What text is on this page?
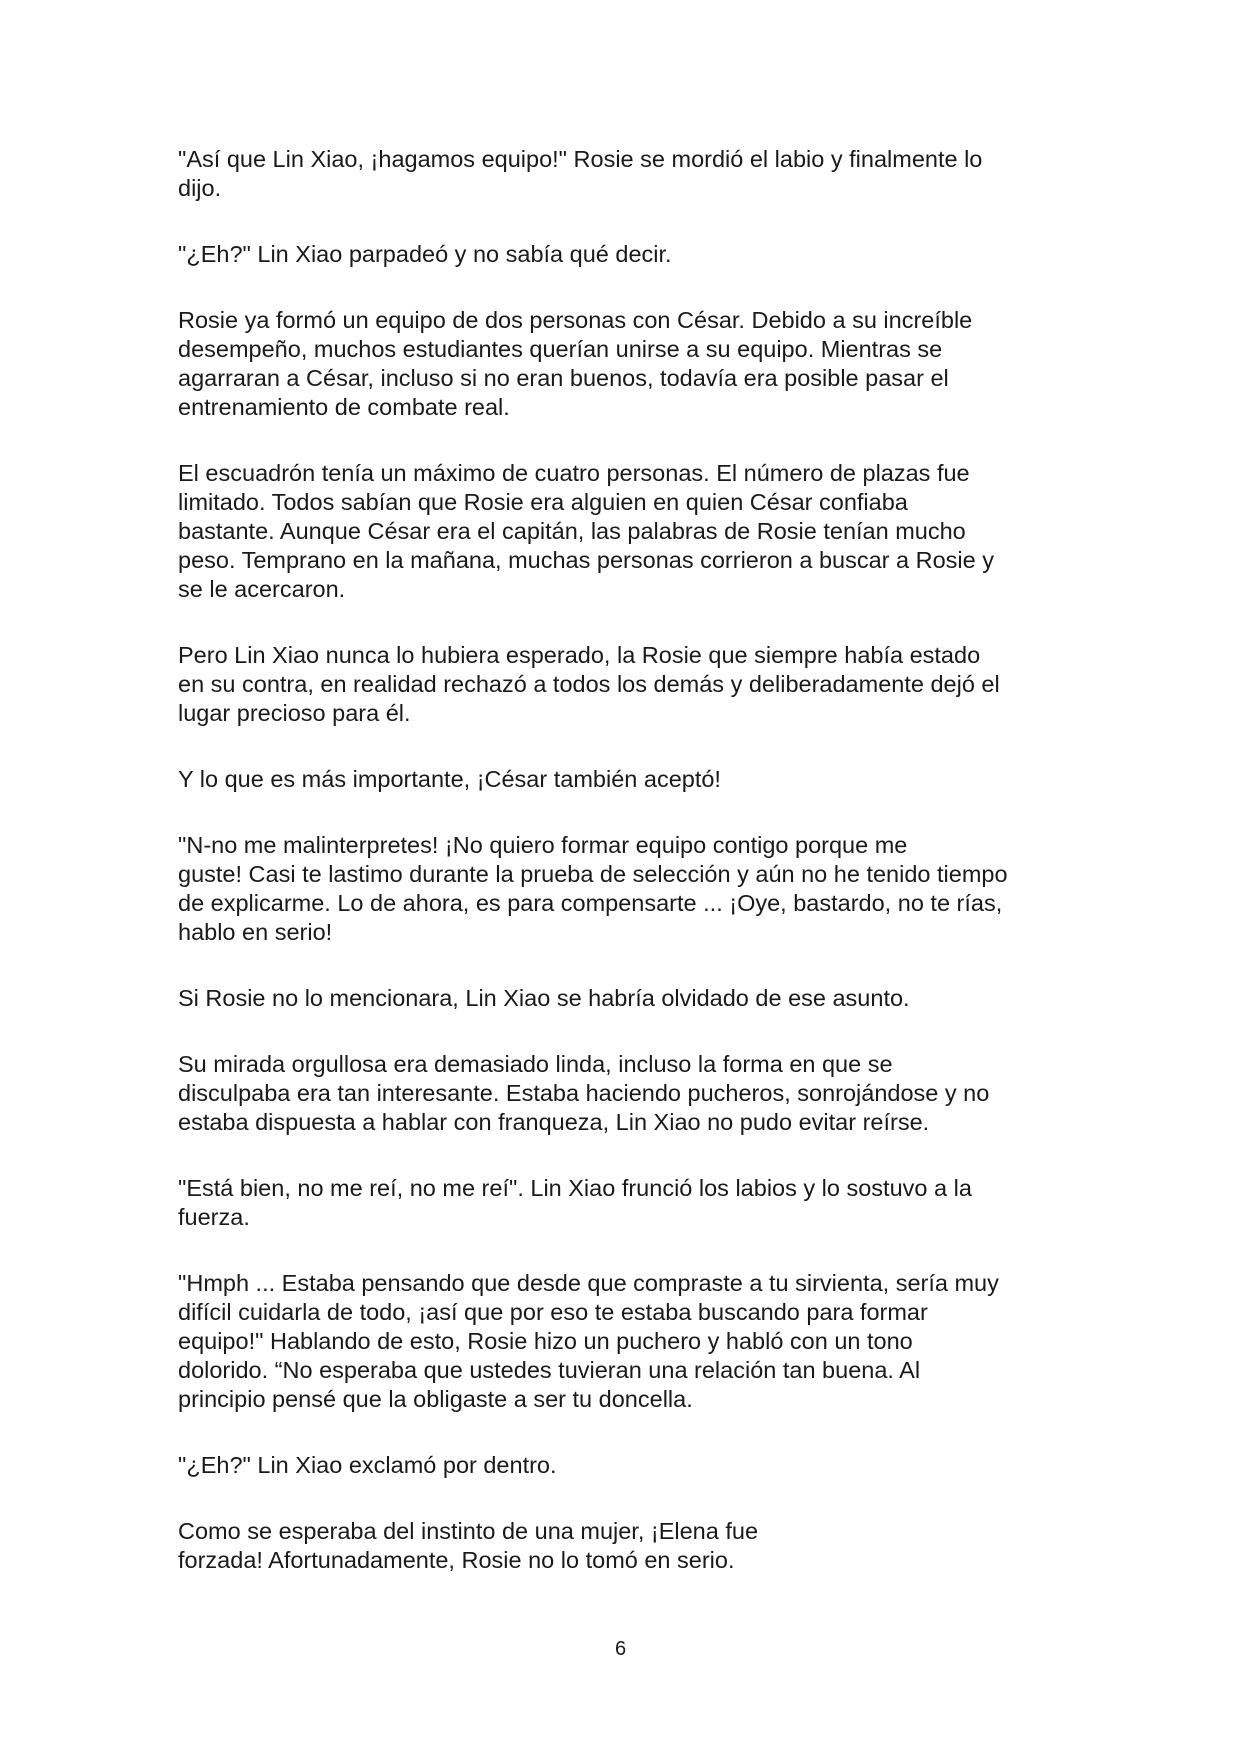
"Así que Lin Xiao, ¡hagamos equipo!" Rosie se mordió el labio y finalmente lo
dijo.

"¿Eh?" Lin Xiao parpadeó y no sabía qué decir.

Rosie ya formó un equipo de dos personas con César. Debido a su increíble
desempeño, muchos estudiantes querían unirse a su equipo. Mientras se
agarraran a César, incluso si no eran buenos, todavía era posible pasar el
entrenamiento de combate real.

El escuadrón tenía un máximo de cuatro personas. El número de plazas fue
limitado. Todos sabían que Rosie era alguien en quien César confiaba
bastante. Aunque César era el capitán, las palabras de Rosie tenían mucho
peso. Temprano en la mañana, muchas personas corrieron a buscar a Rosie y
se le acercaron.

Pero Lin Xiao nunca lo hubiera esperado, la Rosie que siempre había estado
en su contra, en realidad rechazó a todos los demás y deliberadamente dejó el
lugar precioso para él.

Y lo que es más importante, ¡César también aceptó!

"N-no me malinterpretes! ¡No quiero formar equipo contigo porque me
guste! Casi te lastimo durante la prueba de selección y aún no he tenido tiempo
de explicarme. Lo de ahora, es para compensarte ... ¡Oye, bastardo, no te rías,
hablo en serio!

Si Rosie no lo mencionara, Lin Xiao se habría olvidado de ese asunto.

Su mirada orgullosa era demasiado linda, incluso la forma en que se
disculpaba era tan interesante. Estaba haciendo pucheros, sonrojándose y no
estaba dispuesta a hablar con franqueza, Lin Xiao no pudo evitar reírse.

"Está bien, no me reí, no me reí". Lin Xiao frunció los labios y lo sostuvo a la
fuerza.

"Hmph ... Estaba pensando que desde que compraste a tu sirvienta, sería muy
difícil cuidarla de todo, ¡así que por eso te estaba buscando para formar
equipo!" Hablando de esto, Rosie hizo un puchero y habló con un tono
dolorido. “No esperaba que ustedes tuvieran una relación tan buena. Al
principio pensé que la obligaste a ser tu doncella.

"¿Eh?" Lin Xiao exclamó por dentro.

Como se esperaba del instinto de una mujer, ¡Elena fue
forzada! Afortunadamente, Rosie no lo tomó en serio.

6
